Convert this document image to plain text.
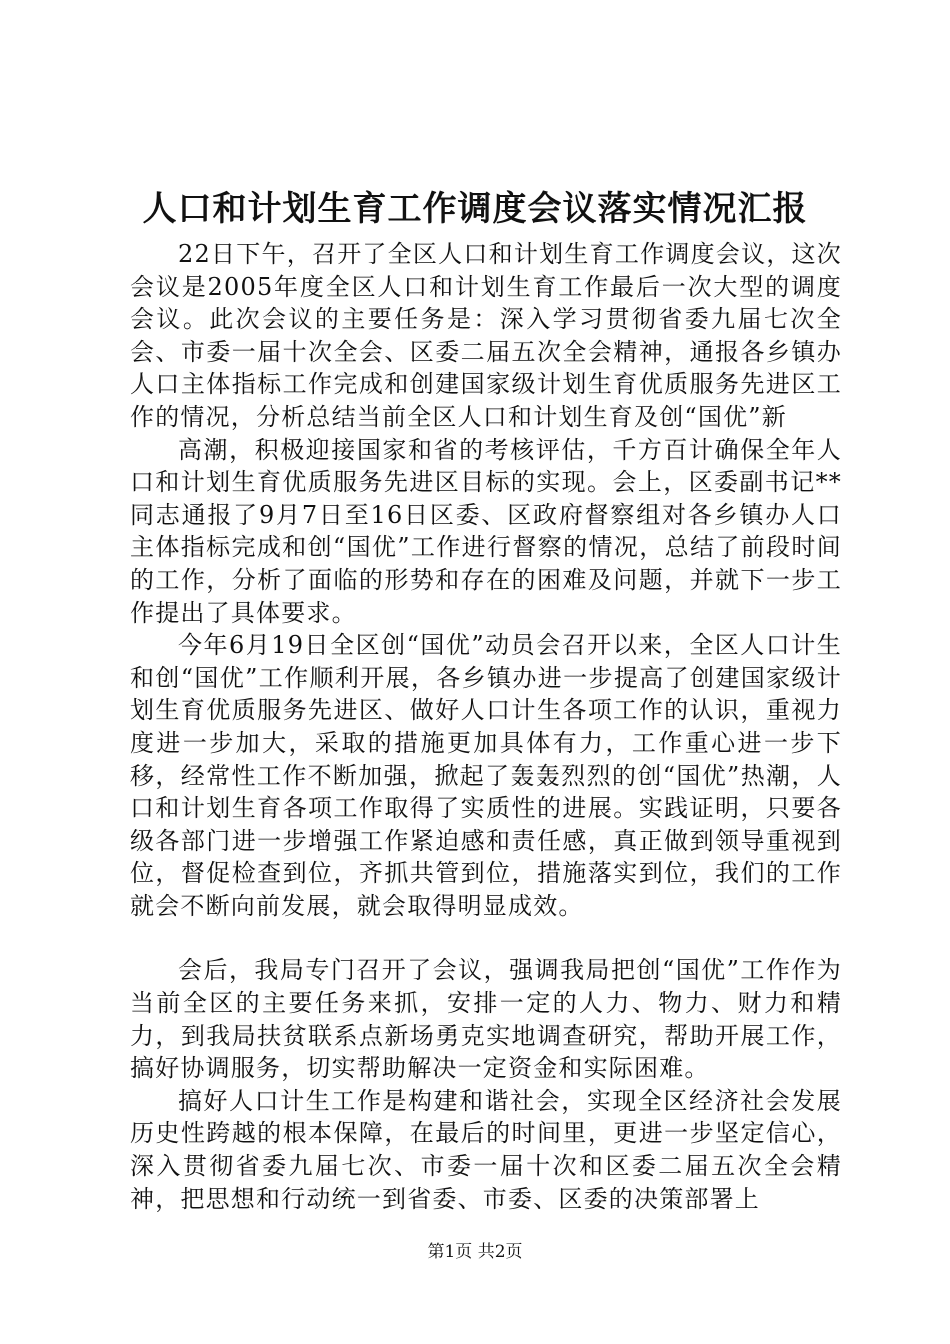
人口和计划生育工作调度会议落实情况汇报

22日下午，召开了全区人口和计划生育工作调度会议，这次会议是2005年度全区人口和计划生育工作最后一次大型的调度会议。此次会议的主要任务是：深入学习贯彻省委九届七次全会、市委一届十次全会、区委二届五次全会精神，通报各乡镇办人口主体指标工作完成和创建国家级计划生育优质服务先进区工作的情况，分析总结当前全区人口和计划生育及创“国优”新

高潮，积极迎接国家和省的考核评估，千方百计确保全年人口和计划生育优质服务先进区目标的实现。会上，区委副书记**同志通报了9月7日至16日区委、区政府督察组对各乡镇办人口主体指标完成和创“国优”工作进行督察的情况，总结了前段时间的工作，分析了面临的形势和存在的困难及问题，并就下一步工作提出了具体要求。

今年6月19日全区创“国优”动员会召开以来，全区人口计生和创“国优”工作顺利开展，各乡镇办进一步提高了创建国家级计划生育优质服务先进区、做好人口计生各项工作的认识，重视力度进一步加大，采取的措施更加具体有力，工作重心进一步下移，经常性工作不断加强，掀起了轰轰烈烈的创“国优”热潮，人口和计划生育各项工作取得了实质性的进展。实践证明，只要各级各部门进一步增强工作紧迫感和责任感，真正做到领导重视到位，督促检查到位，齐抓共管到位，措施落实到位，我们的工作就会不断向前发展，就会取得明显成效。

会后，我局专门召开了会议，强调我局把创“国优”工作作为当前全区的主要任务来抓，安排一定的人力、物力、财力和精力，到我局扶贫联系点新场勇克实地调查研究，帮助开展工作，搞好协调服务，切实帮助解决一定资金和实际困难。

搞好人口计生工作是构建和谐社会，实现全区经济社会发展历史性跨越的根本保障，在最后的时间里，更进一步坚定信心，深入贯彻省委九届七次、市委一届十次和区委二届五次全会精神，把思想和行动统一到省委、市委、区委的决策部署上

第1页 共2页
